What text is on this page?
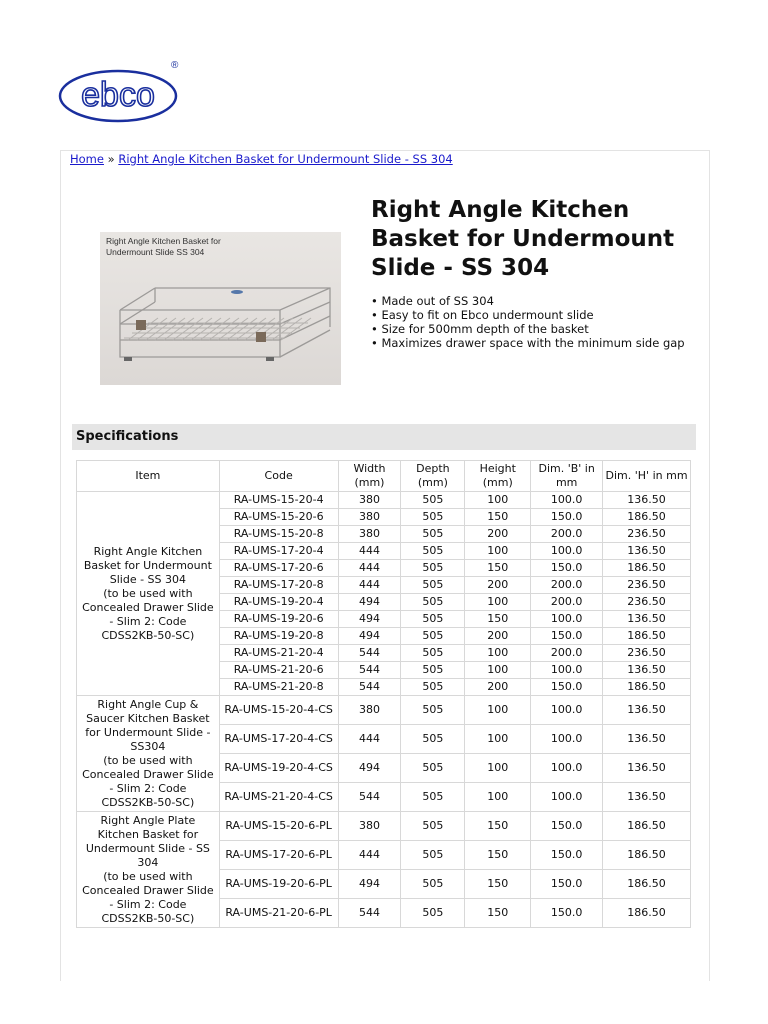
ebco
®
Home » Right Angle Kitchen Basket for Undermount Slide - SS 304
Right Angle Kitchen Basket for Undermount Slide SS 304
Right Angle Kitchen Basket for Undermount Slide - SS 304
• Made out of SS 304
• Easy to fit on Ebco undermount slide
• Size for 500mm depth of the basket
• Maximizes drawer space with the minimum side gap
Specifications
Item	Code	Width (mm)	Depth (mm)	Height (mm)	Dim. 'B' in mm	Dim. 'H' in mm
Right Angle Kitchen Basket for Undermount Slide - SS 304
(to be used with Concealed Drawer Slide - Slim 2: Code CDSS2KB-50-SC)	RA-UMS-15-20-4	380	505	100	100.0	136.50
	RA-UMS-15-20-6	380	505	150	150.0	186.50
	RA-UMS-15-20-8	380	505	200	200.0	236.50
	RA-UMS-17-20-4	444	505	100	100.0	136.50
	RA-UMS-17-20-6	444	505	150	150.0	186.50
	RA-UMS-17-20-8	444	505	200	200.0	236.50
	RA-UMS-19-20-4	494	505	100	200.0	236.50
	RA-UMS-19-20-6	494	505	150	100.0	136.50
	RA-UMS-19-20-8	494	505	200	150.0	186.50
	RA-UMS-21-20-4	544	505	100	200.0	236.50
	RA-UMS-21-20-6	544	505	100	100.0	136.50
	RA-UMS-21-20-8	544	505	200	150.0	186.50
Right Angle Cup & Saucer Kitchen Basket for Undermount Slide - SS304
(to be used with Concealed Drawer Slide - Slim 2: Code CDSS2KB-50-SC)	RA-UMS-15-20-4-CS	380	505	100	100.0	136.50
	RA-UMS-17-20-4-CS	444	505	100	100.0	136.50
	RA-UMS-19-20-4-CS	494	505	100	100.0	136.50
	RA-UMS-21-20-4-CS	544	505	100	100.0	136.50
Right Angle Plate Kitchen Basket for Undermount Slide - SS 304
(to be used with Concealed Drawer Slide - Slim 2: Code CDSS2KB-50-SC)	RA-UMS-15-20-6-PL	380	505	150	150.0	186.50
	RA-UMS-17-20-6-PL	444	505	150	150.0	186.50
	RA-UMS-19-20-6-PL	494	505	150	150.0	186.50
	RA-UMS-21-20-6-PL	544	505	150	150.0	186.50
